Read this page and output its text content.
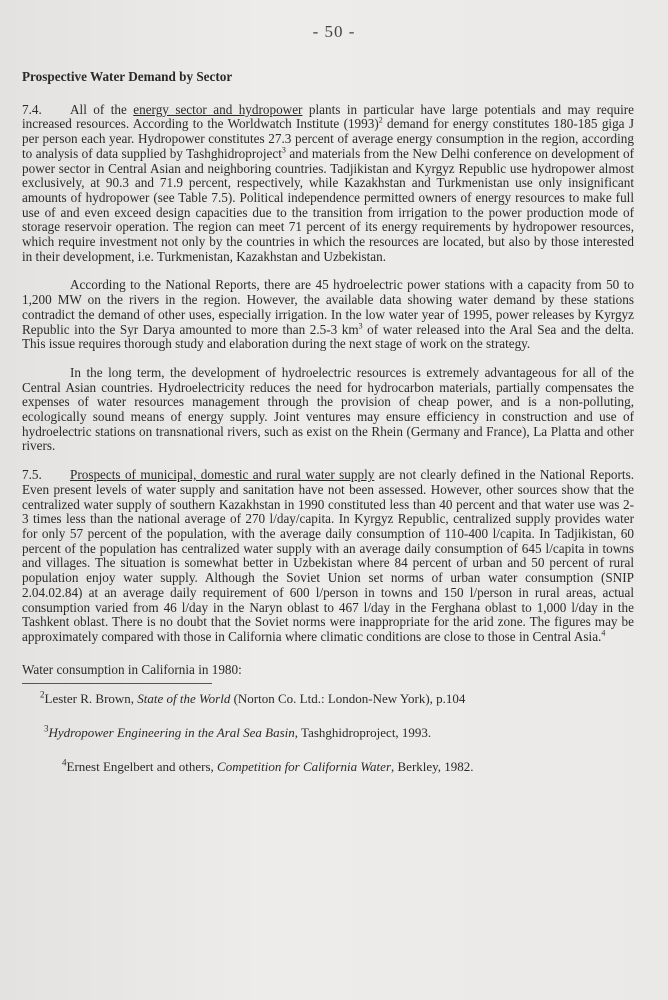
- 50 -
Prospective Water Demand by Sector

7.4. All of the energy sector and hydropower plants in particular have large potentials and may require increased resources. According to the Worldwatch Institute $(1993)^2$ demand for energy constitutes 180-185 giga J per person each year. Hydropower constitutes 27.3 percent of average energy consumption in the region, according to analysis of data supplied by Tashghidroproject$^3$ and materials from the New Delhi conference on development of power sector in Central Asian and neighboring countries. Tadjikistan and Kyrgyz Republic use hydropower almost exclusively, at 90.3 and 71.9 percent, respectively, while Kazakhstan and Turkmenistan use only insignificant amounts of hydropower (see Table 7.5). Political independence permitted owners of energy resources to make full use of and even exceed design capacities due to the transition from irrigation to the power production mode of storage reservoir operation. The region can meet 71 percent of its energy requirements by hydropower resources, which require investment not only by the countries in which the resources are located, but also by those interested in their development, i.e. Turkmenistan, Kazakhstan and Uzbekistan.

According to the National Reports, there are 45 hydroelectric power stations with a capacity from 50 to 1,200 MW on the rivers in the region. However, the available data showing water demand by these stations contradict the demand of other uses, especially irrigation. In the low water year of 1995, power releases by Kyrgyz Republic into the Syr Darya amounted to more than 2.5-3 $km^3$ of water released into the Aral Sea and the delta. This issue requires thorough study and elaboration during the next stage of work on the strategy.

In the long term, the development of hydroelectric resources is extremely advantageous for all of the Central Asian countries. Hydroelectricity reduces the need for hydrocarbon materials, partially compensates the expenses of water resources management through the provision of cheap power, and is a non-polluting, ecologically sound means of energy supply. Joint ventures may ensure efficiency in construction and use of hydroelectric stations on transnational rivers, such as exist on the Rhein (Germany and France), La Platta and other rivers.

7.5. Prospects of municipal, domestic and rural water supply are not clearly defined in the National Reports. Even present levels of water supply and sanitation have not been assessed. However, other sources show that the centralized water supply of southern Kazakhstan in 1990 constituted less than 40 percent and that water use was 2-3 times less than the national average of 270 l/day/capita. In Kyrgyz Republic, centralized supply provides water for only 57 percent of the population, with the average daily consumption of 110-400 l/capita. In Tadjikistan, 60 percent of the population has centralized water supply with an average daily consumption of 645 l/capita in towns and villages. The situation is somewhat better in Uzbekistan where 84 percent of urban and 50 percent of rural population enjoy water supply. Although the Soviet Union set norms of urban water consumption (SNIP 2.04.02.84) at an average daily requirement of 600 l/person in towns and 150 l/person in rural areas, actual consumption varied from 46 l/day in the Naryn oblast to 467 l/day in the Ferghana oblast to 1,000 l/day in the Tashkent oblast. There is no doubt that the Soviet norms were inappropriate for the arid zone. The figures may be approximately compared with those in California where climatic conditions are close to those in Central Asia.$^4$

Water consumption in California in 1980:
$^2$Lester R. Brown, State of the World (Norton Co. Ltd.: London-New York), p.104
$^3$Hydropower Engineering in the Aral Sea Basin, Tashghidroproject, 1993.
$^4$Ernest Engelbert and others, Competition for California Water, Berkley, 1982.
